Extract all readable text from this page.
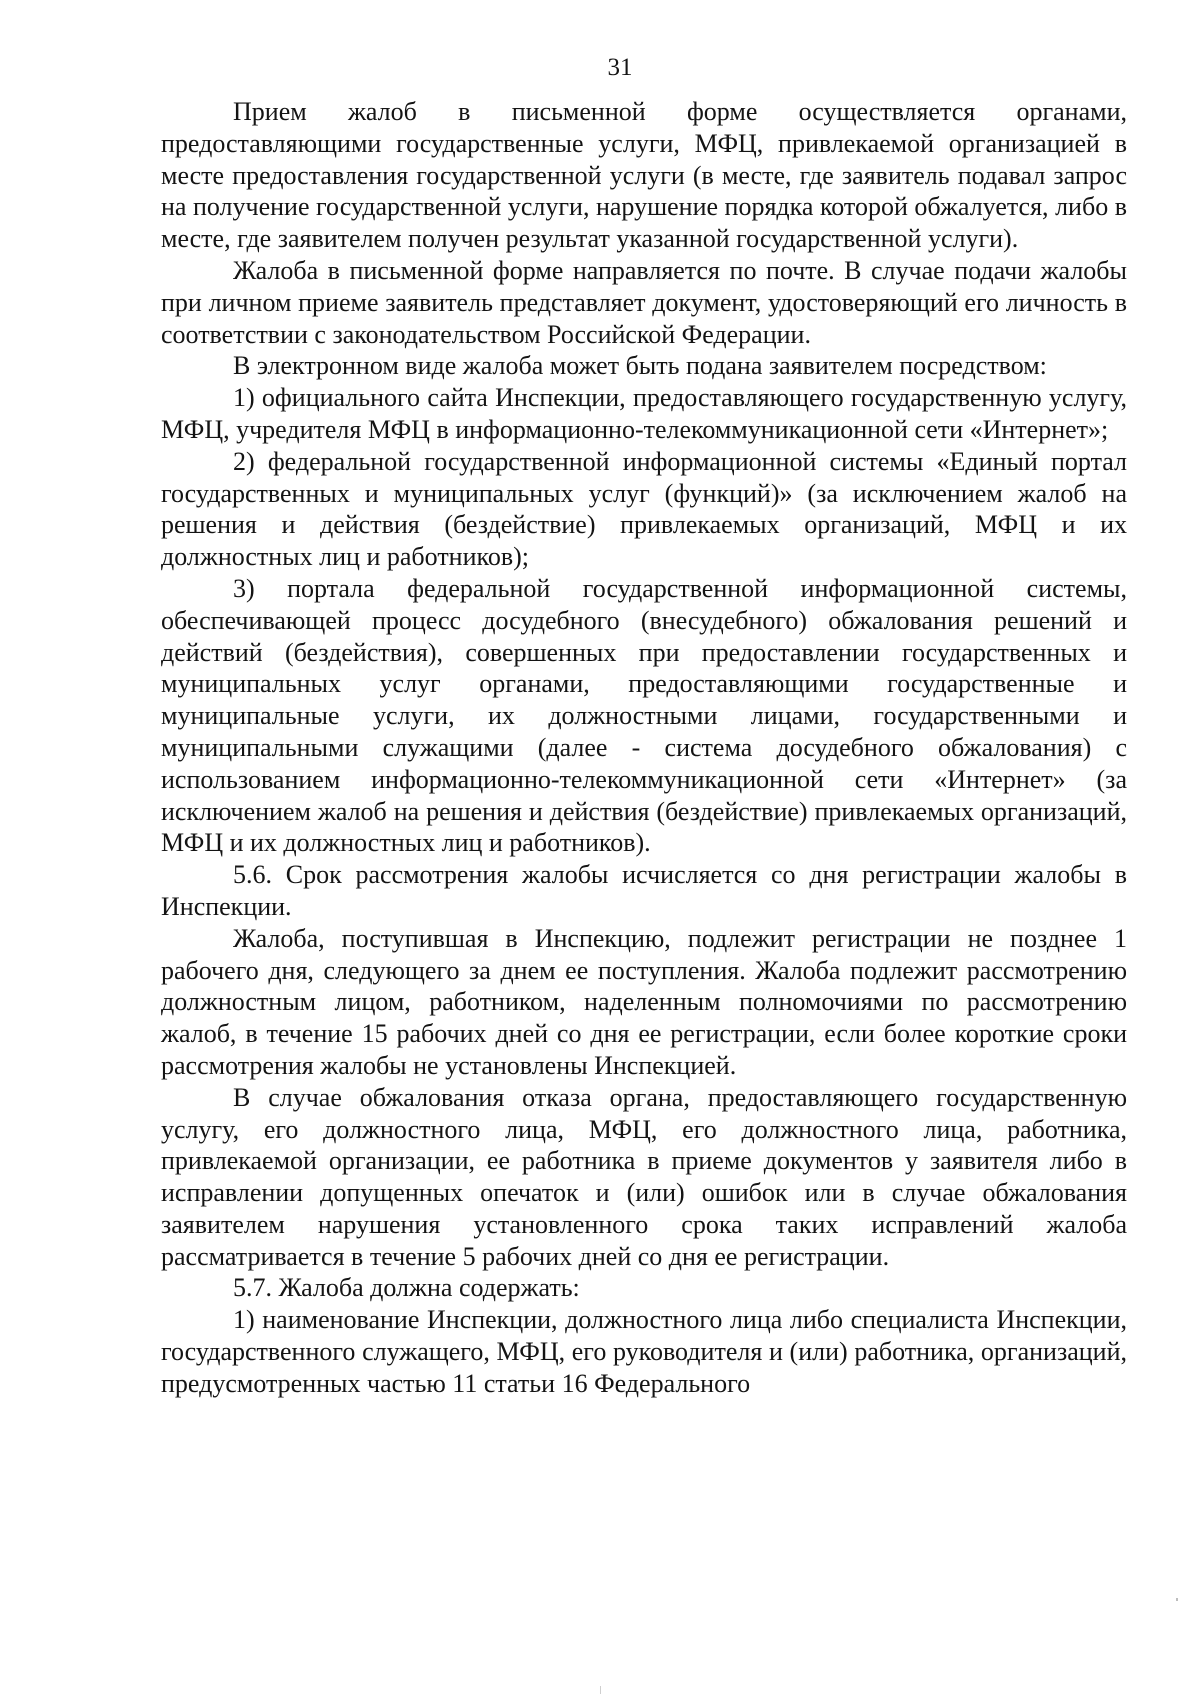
31

Прием жалоб в письменной форме осуществляется органами, предоставляющими государственные услуги, МФЦ, привлекаемой организацией в месте предоставления государственной услуги (в месте, где заявитель подавал запрос на получение государственной услуги, нарушение порядка которой обжалуется, либо в месте, где заявителем получен результат указанной государственной услуги).

Жалоба в письменной форме направляется по почте. В случае подачи жалобы при личном приеме заявитель представляет документ, удостоверяющий его личность в соответствии с законодательством Российской Федерации.

В электронном виде жалоба может быть подана заявителем посредством:

1) официального сайта Инспекции, предоставляющего государственную услугу, МФЦ, учредителя МФЦ в информационно-телекоммуникационной сети «Интернет»;

2) федеральной государственной информационной системы «Единый портал государственных и муниципальных услуг (функций)» (за исключением жалоб на решения и действия (бездействие) привлекаемых организаций, МФЦ и их должностных лиц и работников);

3) портала федеральной государственной информационной системы, обеспечивающей процесс досудебного (внесудебного) обжалования решений и действий (бездействия), совершенных при предоставлении государственных и муниципальных услуг органами, предоставляющими государственные и муниципальные услуги, их должностными лицами, государственными и муниципальными служащими (далее - система досудебного обжалования) с использованием информационно-телекоммуникационной сети «Интернет» (за исключением жалоб на решения и действия (бездействие) привлекаемых организаций, МФЦ и их должностных лиц и работников).

5.6. Срок рассмотрения жалобы исчисляется со дня регистрации жалобы в Инспекции.

Жалоба, поступившая в Инспекцию, подлежит регистрации не позднее 1 рабочего дня, следующего за днем ее поступления. Жалоба подлежит рассмотрению должностным лицом, работником, наделенным полномочиями по рассмотрению жалоб, в течение 15 рабочих дней со дня ее регистрации, если более короткие сроки рассмотрения жалобы не установлены Инспекцией.

В случае обжалования отказа органа, предоставляющего государственную услугу, его должностного лица, МФЦ, его должностного лица, работника, привлекаемой организации, ее работника в приеме документов у заявителя либо в исправлении допущенных опечаток и (или) ошибок или в случае обжалования заявителем нарушения установленного срока таких исправлений жалоба рассматривается в течение 5 рабочих дней со дня ее регистрации.

5.7. Жалоба должна содержать:

1) наименование Инспекции, должностного лица либо специалиста Инспекции, государственного служащего, МФЦ, его руководителя и (или) работника, организаций, предусмотренных частью 11 статьи 16 Федерального
